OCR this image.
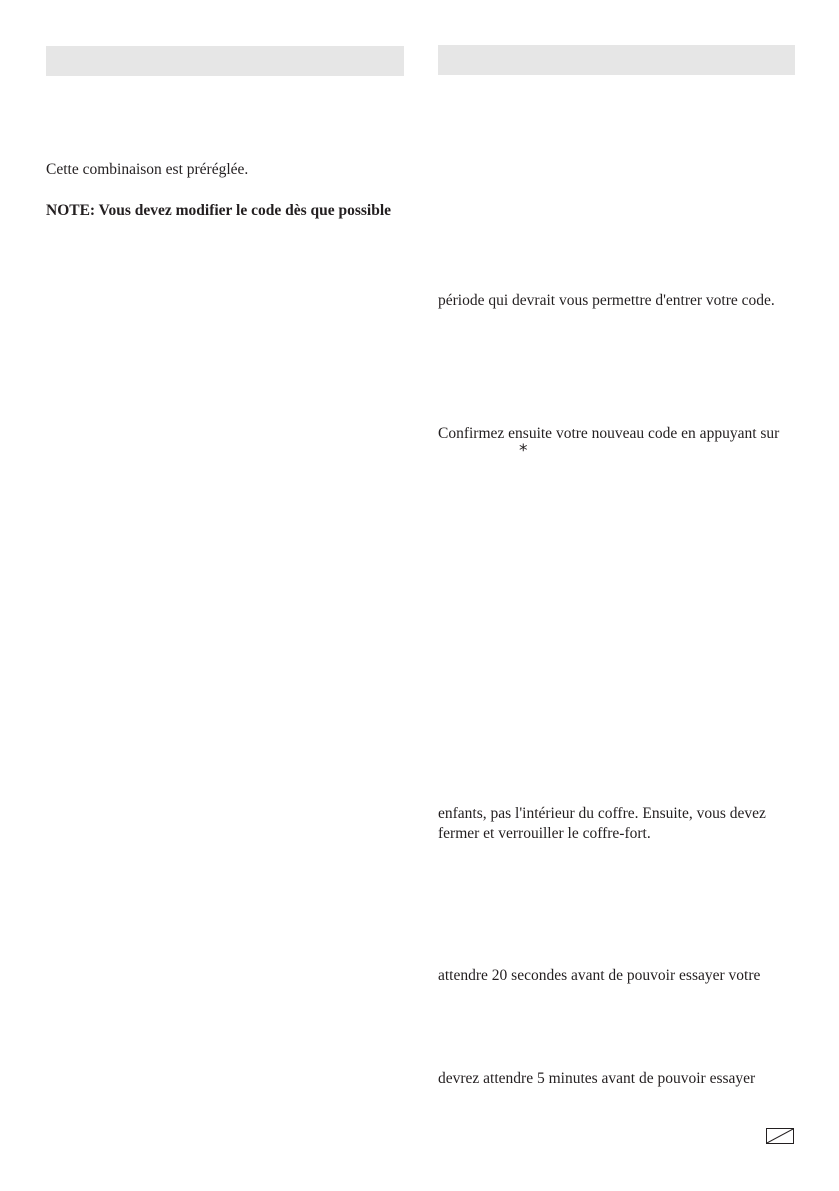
Cette combinaison est préréglée.

NOTE: Vous devez modifier le code dès que possible

période qui devrait vous permettre d'entrer votre code.

Confirmez ensuite votre nouveau code en appuyant sur

*

enfants, pas l'intérieur du coffre. Ensuite, vous devez

fermer et verrouiller le coffre-fort.

attendre 20 secondes avant de pouvoir essayer votre

devrez attendre 5 minutes avant de pouvoir essayer
